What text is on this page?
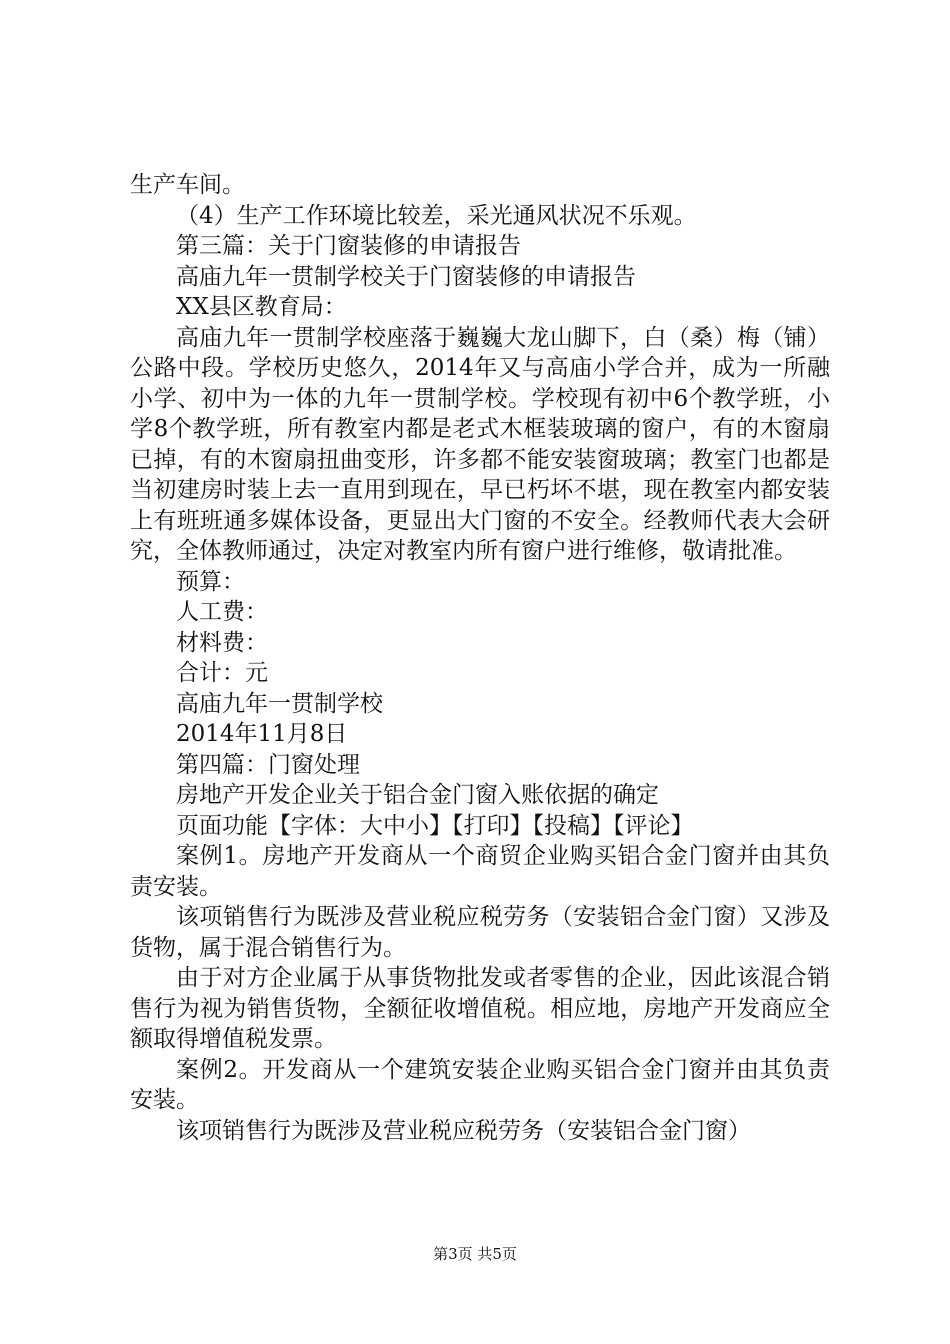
生产车间。

（4）生产工作环境比较差，采光通风状况不乐观。

第三篇：关于门窗装修的申请报告

高庙九年一贯制学校关于门窗装修的申请报告

XX县区教育局：

高庙九年一贯制学校座落于巍巍大龙山脚下，白（桑）梅（铺）公路中段。学校历史悠久，2014年又与高庙小学合并，成为一所融小学、初中为一体的九年一贯制学校。学校现有初中6个教学班，小学8个教学班，所有教室内都是老式木框装玻璃的窗户，有的木窗扇已掉，有的木窗扇扭曲变形，许多都不能安装窗玻璃；教室门也都是当初建房时装上去一直用到现在，早已朽坏不堪，现在教室内都安装上有班班通多媒体设备，更显出大门窗的不安全。经教师代表大会研究，全体教师通过，决定对教室内所有窗户进行维修，敬请批准。

预算：

人工费：

材料费：

合计：元

高庙九年一贯制学校

2014年11月8日

第四篇：门窗处理

房地产开发企业关于铝合金门窗入账依据的确定

页面功能【字体：大中小】【打印】【投稿】【评论】

案例1。房地产开发商从一个商贸企业购买铝合金门窗并由其负责安装。

该项销售行为既涉及营业税应税劳务（安装铝合金门窗）又涉及货物，属于混合销售行为。

由于对方企业属于从事货物批发或者零售的企业，因此该混合销售行为视为销售货物，全额征收增值税。相应地，房地产开发商应全额取得增值税发票。

案例2。开发商从一个建筑安装企业购买铝合金门窗并由其负责安装。

该项销售行为既涉及营业税应税劳务（安装铝合金门窗）

第3页 共5页
